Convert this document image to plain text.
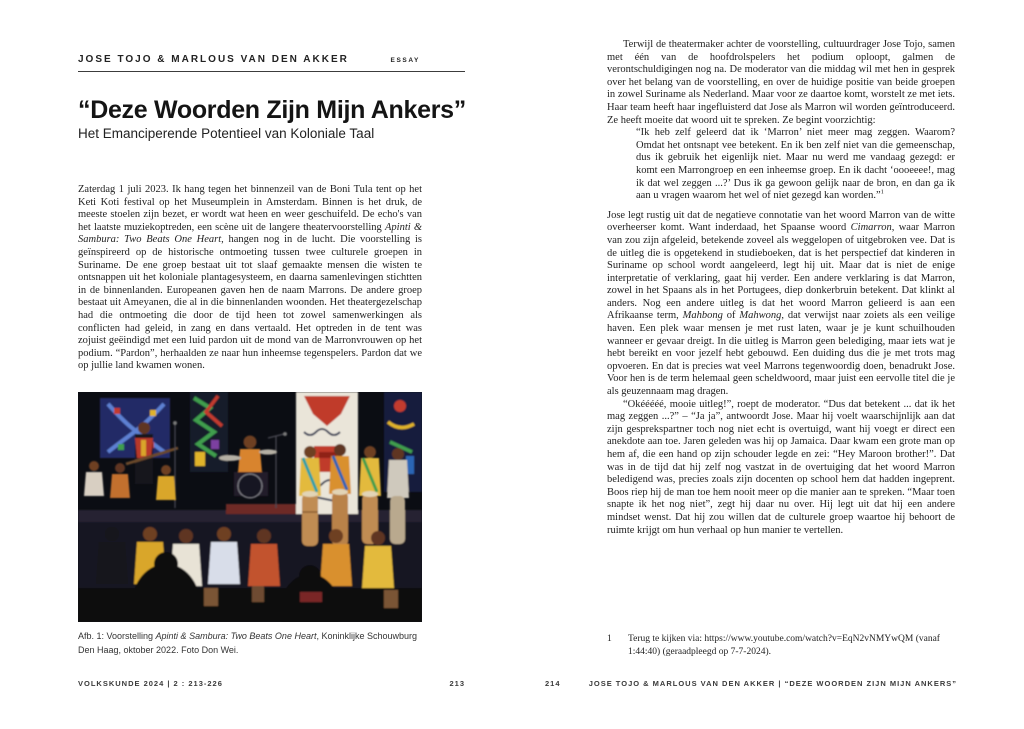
JOSE TOJO & MARLOUS VAN DEN AKKER	ESSAY
“Deze Woorden Zijn Mijn Ankers”
Het Emanciperende Potentieel van Koloniale Taal

Zaterdag 1 juli 2023. Ik hang tegen het binnenzeil van de Boni Tula tent op het Keti Koti festival op het Museumplein in Amsterdam. Binnen is het druk, de meeste stoelen zijn bezet, er wordt wat heen en weer geschuifeld. De echo's van het laatste muziekoptreden, een scène uit de langere theatervoorstelling Apinti & Sambura: Two Beats One Heart, hangen nog in de lucht. Die voorstelling is geïnspireerd op de historische ontmoeting tussen twee culturele groepen in Suriname. De ene groep bestaat uit tot slaaf gemaakte mensen die wisten te ontsnappen uit het koloniale plantagesysteem, en daarna samenlevingen stichtten in de binnenlanden. Europeanen gaven hen de naam Marrons. De andere groep bestaat uit Ameyanen, die al in die binnenlanden woonden. Het theatergezelschap had die ontmoeting die door de tijd heen tot zowel samenwerkingen als conflicten had geleid, in zang en dans vertaald. Het optreden in de tent was zojuist geëindigd met een luid pardon uit de mond van de Marronvrouwen op het podium. “Pardon”, herhaalden ze naar hun inheemse tegenspelers. Pardon dat we op jullie land kwamen wonen.

Afb. 1: Voorstelling Apinti & Sambura: Two Beats One Heart, Koninklijke Schouwburg Den Haag, oktober 2022. Foto Don Wei.

Terwijl de theatermaker achter de voorstelling, cultuurdrager Jose Tojo, samen met één van de hoofdrolspelers het podium oploopt, galmen de verontschuldigingen nog na. De moderator van die middag wil met hen in gesprek over het belang van de voorstelling, en over de huidige positie van beide groepen in zowel Suriname als Nederland. Maar voor ze daartoe komt, worstelt ze met iets. Haar team heeft haar ingefluisterd dat Jose als Marron wil worden geïntroduceerd. Ze heeft moeite dat woord uit te spreken. Ze begint voorzichtig:

“Ik heb zelf geleerd dat ik ‘Marron’ niet meer mag zeggen. Waarom? Omdat het ontsnapt vee betekent. En ik ben zelf niet van die gemeenschap, dus ik gebruik het eigenlijk niet. Maar nu werd me vandaag gezegd: er komt een Marrongroep en een inheemse groep. En ik dacht ‘oooeeee!, mag ik dat wel zeggen ...?’ Dus ik ga gewoon gelijk naar de bron, en dan ga ik aan u vragen waarom het wel of niet gezegd kan worden.”$^1$

Jose legt rustig uit dat de negatieve connotatie van het woord Marron van de witte overheerser komt. Want inderdaad, het Spaanse woord Cimarron, waar Marron van zou zijn afgeleid, betekende zoveel als weggelopen of uitgebroken vee. Dat is de uitleg die is opgetekend in studieboeken, dat is het perspectief dat kinderen in Suriname op school wordt aangeleerd, legt hij uit. Maar dat is niet de enige interpretatie of verklaring, gaat hij verder. Een andere verklaring is dat Marron, zowel in het Spaans als in het Portugees, diep donkerbruin betekent. Dat klinkt al anders. Nog een andere uitleg is dat het woord Marron gelieerd is aan een Afrikaanse term, Mahbong of Mahwong, dat verwijst naar zoiets als een veilige haven. Een plek waar mensen je met rust laten, waar je je kunt schuilhouden wanneer er gevaar dreigt. In die uitleg is Marron geen belediging, maar iets wat je hebt bereikt en voor jezelf hebt gebouwd. Een duiding dus die je met trots mag opvoeren. En dat is precies wat veel Marrons tegenwoordig doen, benadrukt Jose. Voor hen is de term helemaal geen scheldwoord, maar juist een eervolle titel die je als geuzennaam mag dragen.

“Okééééé, mooie uitleg!”, roept de moderator. “Dus dat betekent ... dat ik het mag zeggen ...?” – “Ja ja”, antwoordt Jose. Maar hij voelt waarschijnlijk aan dat zijn gesprekspartner toch nog niet echt is overtuigd, want hij voegt er direct een anekdote aan toe. Jaren geleden was hij op Jamaica. Daar kwam een grote man op hem af, die een hand op zijn schouder legde en zei: “Hey Maroon brother!”. Dat was in de tijd dat hij zelf nog vastzat in de overtuiging dat het woord Marron beledigend was, precies zoals zijn docenten op school hem dat hadden ingeprent. Boos riep hij de man toe hem nooit meer op die manier aan te spreken. “Maar toen snapte ik het nog niet”, zegt hij daar nu over. Hij legt uit dat hij een andere mindset wenst. Dat hij zou willen dat de culturele groep waartoe hij behoort de ruimte krijgt om hun verhaal op hun manier te vertellen.

1	Terug te kijken via: https://www.youtube.com/watch?v=EqN2vNMYwQM (vanaf 1:44:40) (geraadpleegd op 7-7-2024).
VOLKSKUNDE 2024 | 2 : 213-226	213	214	JOSE TOJO & MARLOUS VAN DEN AKKER | “DEZE WOORDEN ZIJN MIJN ANKERS”
